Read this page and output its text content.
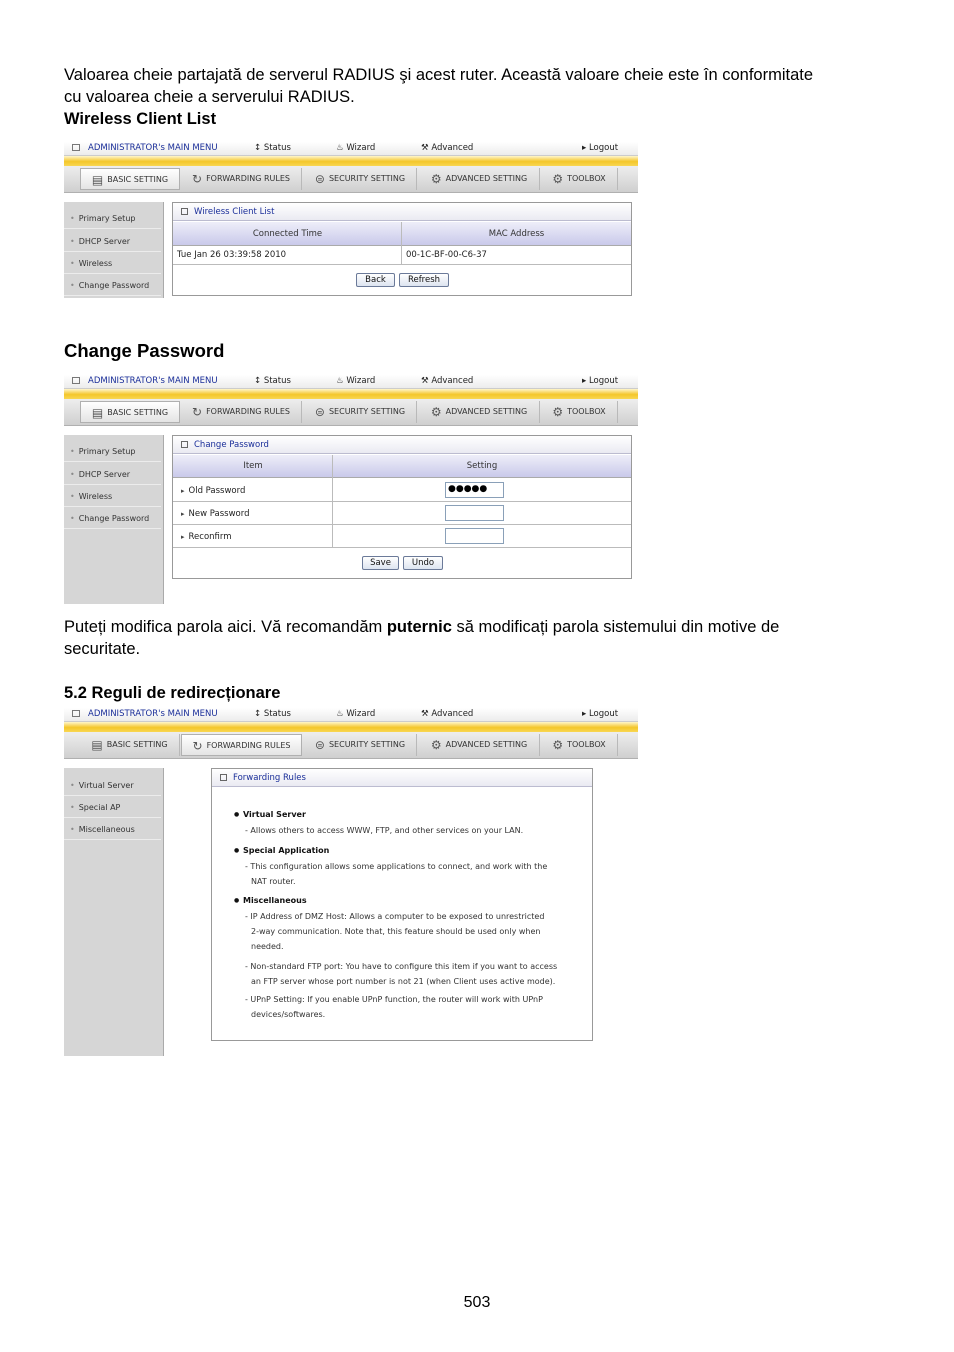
Valoarea cheie partajată de serverul RADIUS şi acest ruter. Această valoare cheie este în conformitate

cu valoarea cheie a serverului RADIUS.

Wireless Client List

ADMINISTRATOR's MAIN MENU	↕ Status	♨ Wizard	⚒ Advanced	▸ Logout
▤ BASIC SETTING	↻ FORWARDING RULES	⊜ SECURITY SETTING	⚙ ADVANCED SETTING	⚙ TOOLBOX
• Primary Setup
• DHCP Server
• Wireless
• Change Password
Wireless Client List
Connected Time	MAC Address
Tue Jan 26 03:39:58 2010	00-1C-BF-00-C6-37
Back	Refresh

Change Password

ADMINISTRATOR's MAIN MENU	↕ Status	♨ Wizard	⚒ Advanced	▸ Logout
▤ BASIC SETTING	↻ FORWARDING RULES	⊜ SECURITY SETTING	⚙ ADVANCED SETTING	⚙ TOOLBOX
• Primary Setup
• DHCP Server
• Wireless
• Change Password
Change Password
Item	Setting
▸ Old Password	●●●●●
▸ New Password
▸ Reconfirm
Save	Undo

Puteți modifica parola aici. Vă recomandăm puternic să modificați parola sistemului din motive de

securitate.

5.2 Reguli de redirecționare

ADMINISTRATOR's MAIN MENU	↕ Status	♨ Wizard	⚒ Advanced	▸ Logout
▤ BASIC SETTING	↻ FORWARDING RULES	⊜ SECURITY SETTING	⚙ ADVANCED SETTING	⚙ TOOLBOX
• Virtual Server
• Special AP
• Miscellaneous
Forwarding Rules
● Virtual Server
- Allows others to access WWW, FTP, and other services on your LAN.
● Special Application
- This configuration allows some applications to connect, and work with the
NAT router.
● Miscellaneous
- IP Address of DMZ Host: Allows a computer to be exposed to unrestricted
2-way communication. Note that, this feature should be used only when
needed.
- Non-standard FTP port: You have to configure this item if you want to access
an FTP server whose port number is not 21 (when Client uses active mode).
- UPnP Setting: If you enable UPnP function, the router will work with UPnP
devices/softwares.
503
